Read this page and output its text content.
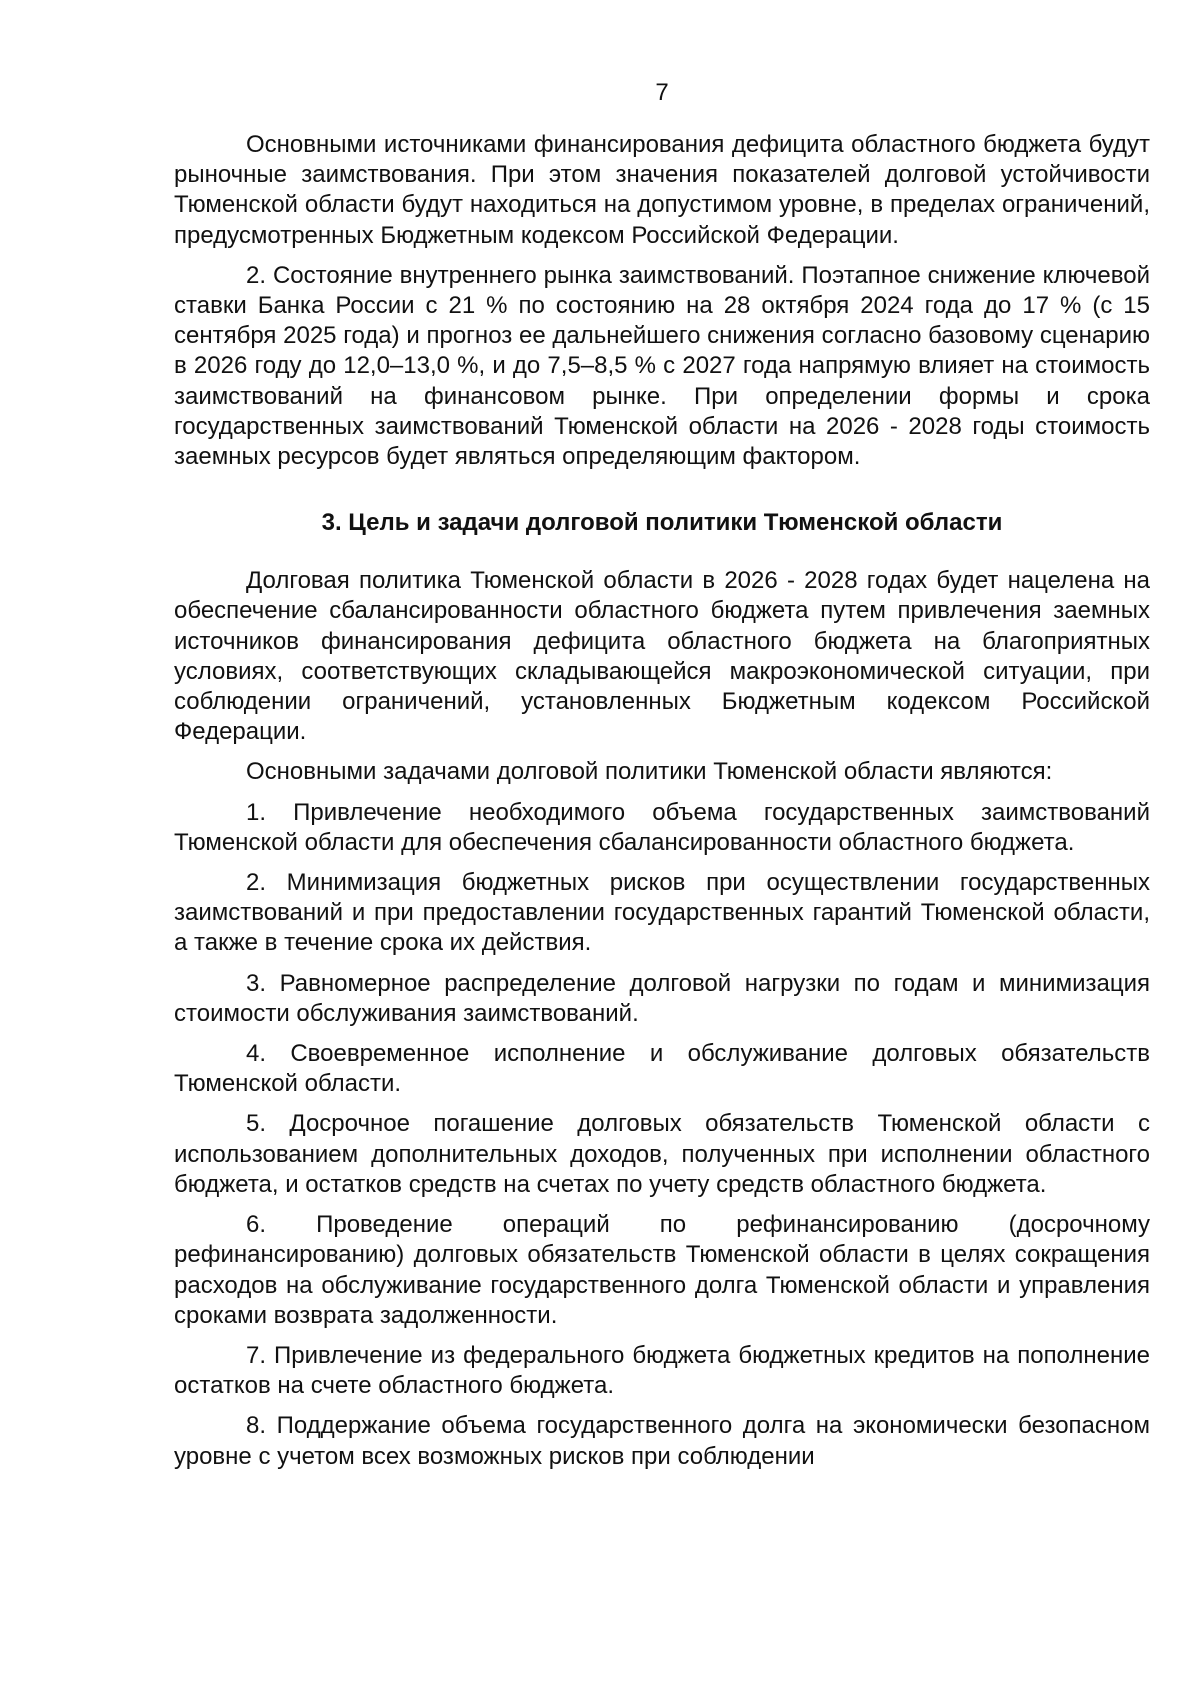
7

Основными источниками финансирования дефицита областного бюджета будут рыночные заимствования. При этом значения показателей долговой устойчивости Тюменской области будут находиться на допустимом уровне, в пределах ограничений, предусмотренных Бюджетным кодексом Российской Федерации.

2. Состояние внутреннего рынка заимствований. Поэтапное снижение ключевой ставки Банка России с 21 % по состоянию на 28 октября 2024 года до 17 % (с 15 сентября 2025 года) и прогноз ее дальнейшего снижения согласно базовому сценарию в 2026 году до 12,0–13,0 %, и до 7,5–8,5 % с 2027 года напрямую влияет на стоимость заимствований на финансовом рынке. При определении формы и срока государственных заимствований Тюменской области на 2026 - 2028 годы стоимость заемных ресурсов будет являться определяющим фактором.

3. Цель и задачи долговой политики Тюменской области

Долговая политика Тюменской области в 2026 - 2028 годах будет нацелена на обеспечение сбалансированности областного бюджета путем привлечения заемных источников финансирования дефицита областного бюджета на благоприятных условиях, соответствующих складывающейся макроэкономической ситуации, при соблюдении ограничений, установленных Бюджетным кодексом Российской Федерации.

Основными задачами долговой политики Тюменской области являются:

1. Привлечение необходимого объема государственных заимствований Тюменской области для обеспечения сбалансированности областного бюджета.

2. Минимизация бюджетных рисков при осуществлении государственных заимствований и при предоставлении государственных гарантий Тюменской области, а также в течение срока их действия.

3. Равномерное распределение долговой нагрузки по годам и минимизация стоимости обслуживания заимствований.

4. Своевременное исполнение и обслуживание долговых обязательств Тюменской области.

5. Досрочное погашение долговых обязательств Тюменской области с использованием дополнительных доходов, полученных при исполнении областного бюджета, и остатков средств на счетах по учету средств областного бюджета.

6. Проведение операций по рефинансированию (досрочному рефинансированию) долговых обязательств Тюменской области в целях сокращения расходов на обслуживание государственного долга Тюменской области и управления сроками возврата задолженности.

7. Привлечение из федерального бюджета бюджетных кредитов на пополнение остатков на счете областного бюджета.

8. Поддержание объема государственного долга на экономически безопасном уровне с учетом всех возможных рисков при соблюдении
